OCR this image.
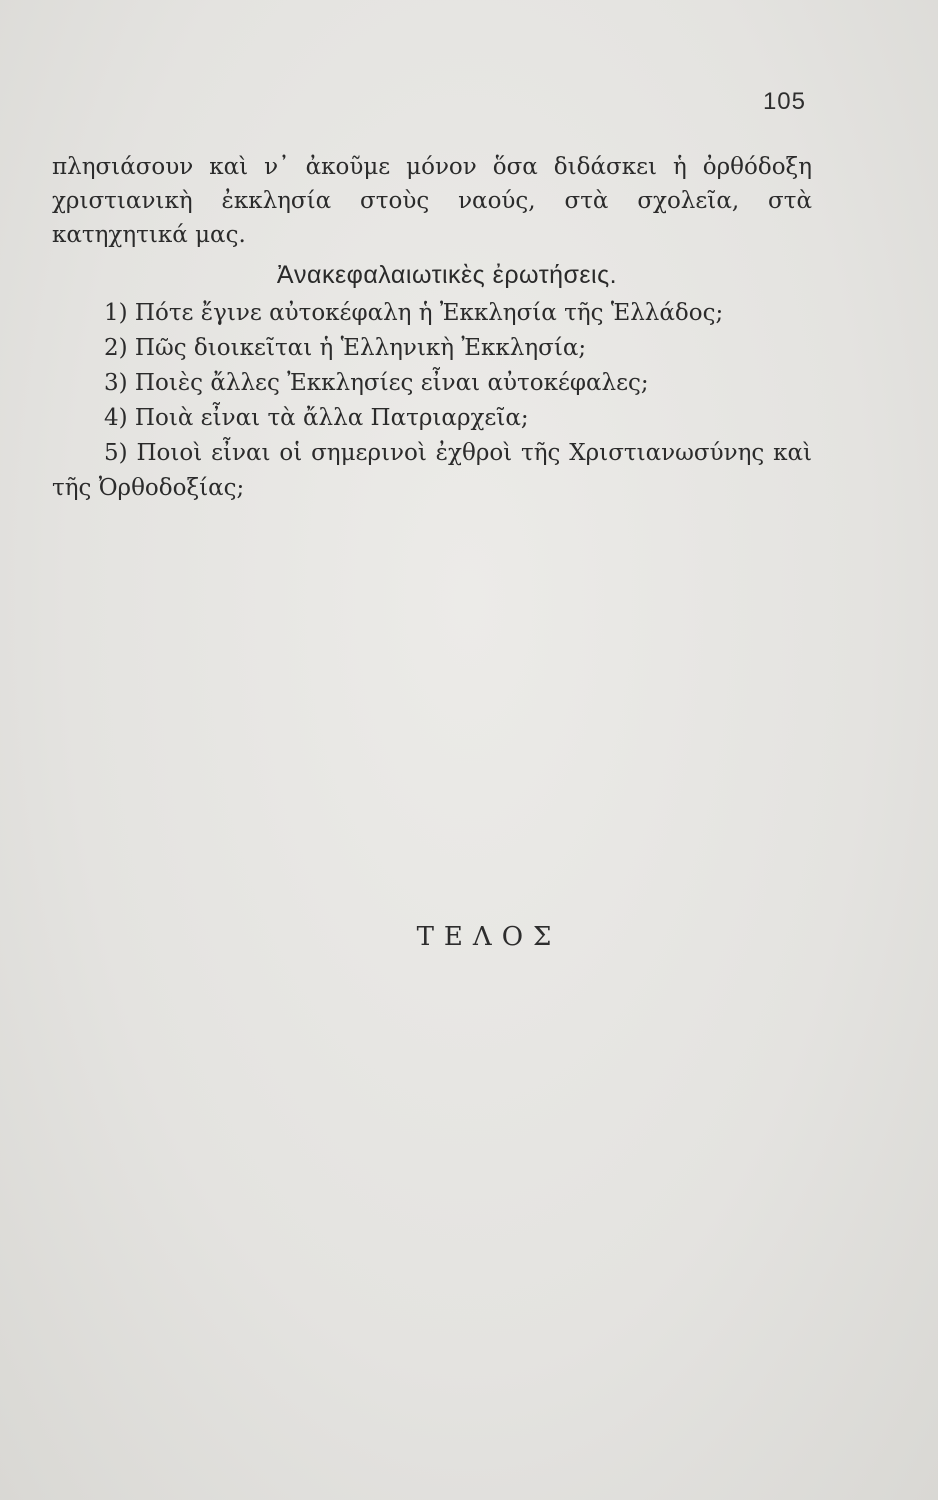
105

πλησιάσουν καὶ ν᾽ ἀκοῦμε μόνον ὅσα διδάσκει ἡ ὀρθόδοξη χριστιανικὴ ἐκκλησία στοὺς ναούς, στὰ σχολεῖα, στὰ κατηχητικά μας.

Ἀνακεφαλαιωτικὲς ἐρωτήσεις.

1) Πότε ἔγινε αὐτοκέφαλη ἡ Ἐκκλησία τῆς Ἑλλάδος;

2) Πῶς διοικεῖται ἡ Ἑλληνικὴ Ἐκκλησία;

3) Ποιὲς ἄλλες Ἐκκλησίες εἶναι αὐτοκέφαλες;

4) Ποιὰ εἶναι τὰ ἄλλα Πατριαρχεῖα;

5) Ποιοὶ εἶναι οἱ σημερινοὶ ἐχθροὶ τῆς Χριστιανωσύνης καὶ τῆς Ὀρθοδοξίας;

ΤΕΛΟΣ
